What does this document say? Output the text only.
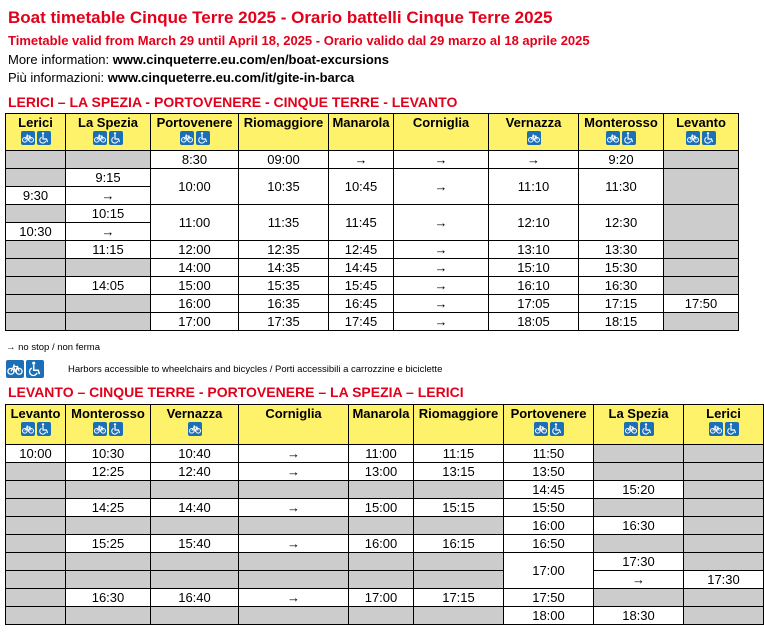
Boat timetable Cinque Terre 2025 - Orario battelli Cinque Terre 2025
Timetable valid from March 29 until April 18, 2025 - Orario valido dal 29 marzo al 18 aprile 2025
More information: www.cinqueterre.eu.com/en/boat-excursions
Più informazioni: www.cinqueterre.eu.com/it/gite-in-barca
LERICI – LA SPEZIA - PORTOVENERE - CINQUE TERRE - LEVANTO
Lerici	La Spezia	Portovenere	Riomaggiore	Manarola	Corniglia	Vernazza	Monterosso	Levanto

		8:30	09:00	→	→	→	9:20	
	9:15	10:00	10:35	10:45	→	11:10	11:30	
9:30	→							
	10:15	11:00	11:35	11:45	→	12:10	12:30	
10:30	→							
	11:15	12:00	12:35	12:45	→	13:10	13:30	
		14:00	14:35	14:45	→	15:10	15:30	
	14:05	15:00	15:35	15:45	→	16:10	16:30	
		16:00	16:35	16:45	→	17:05	17:15	17:50
		17:00	17:35	17:45	→	18:05	18:15	
→ no stop / non ferma
Harbors accessible to wheelchairs and bicycles / Porti accessibili a carrozzine e biciclette
LEVANTO – CINQUE TERRE - PORTOVENERE – LA SPEZIA – LERICI
Levanto	Monterosso	Vernazza	Corniglia	Manarola	Riomaggiore	Portovenere	La Spezia	Lerici

10:00	10:30	10:40	→	11:00	11:15	11:50		
	12:25	12:40	→	13:00	13:15	13:50		
						14:45	15:20	
	14:25	14:40	→	15:00	15:15	15:50		
						16:00	16:30	
	15:25	15:40	→	16:00	16:15	16:50		
						17:00	17:30	
							→	17:30
	16:30	16:40	→	17:00	17:15	17:50		
						18:00	18:30	
